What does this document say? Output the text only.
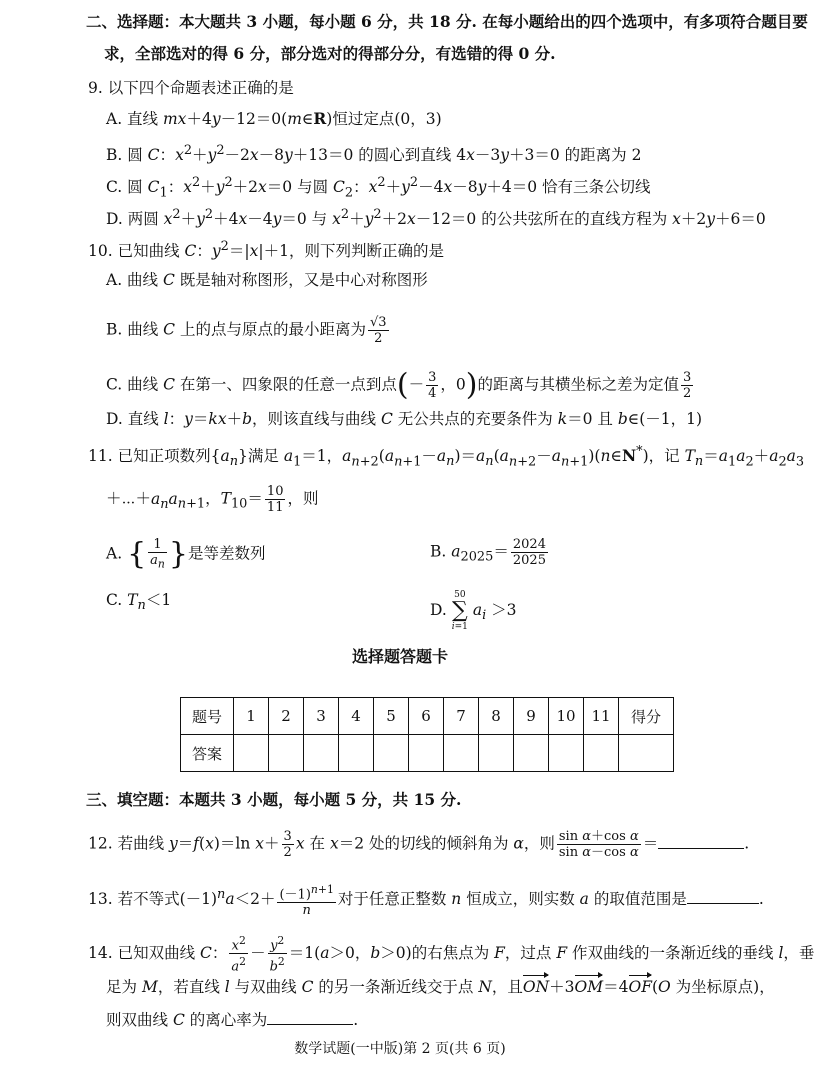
二、选择题：本大题共 3 小题，每小题 6 分，共 18 分. 在每小题给出的四个选项中，有多项符合题目要
求，全部选对的得 6 分，部分选对的得部分分，有选错的得 0 分.
9. 以下四个命题表述正确的是
A. 直线 mx＋4y－12＝0(m∈R)恒过定点(0，3)
B. 圆 C：$x^2+y^2-2x-8y+13=0$ 的圆心到直线 4x－3y＋3＝0 的距离为 2
C. 圆 $C_1$：$x^2+y^2+2x=0$ 与圆 $C_2$：$x^2+y^2-4x-8y+4=0$ 恰有三条公切线
D. 两圆 $x^2+y^2+4x-4y=0$ 与 $x^2+y^2+2x-12=0$ 的公共弦所在的直线方程为 x＋2y＋6＝0
10. 已知曲线 C：$y^2=|x|+1$，则下列判断正确的是
A. 曲线 C 既是轴对称图形，又是中心对称图形
B. 曲线 C 上的点与原点的最小距离为 $\frac{√3}{2}$
C. 曲线 C 在第一、四象限的任意一点到点(－ $\frac{3}{4}$ ，0)的距离与其横坐标之差为定值 $\frac{3}{2}$
D. 直线 l：y＝kx＋b，则该直线与曲线 C 无公共点的充要条件为 k＝0 且 b∈(－1，1)
11. 已知正项数列$\{a_n\}$满足 $a_1=1$，$a_{n+2}(a_{n+1}-a_n)=a_n(a_{n+2}-a_{n+1})(n\in N^*)$，记 $T_n=a_1a_2+a_2a_3$
$+\cdots+a_na_{n+1}$，$T_{10}= \frac{10}{11}$ ，则
A. { $\frac{1}{a_n}$ }是等差数列	B. $a_{2025}= \frac{2024}{2025}$
C. $T_n<1$
D. 50
∑
i=1 $a_i >3$
选择题答题卡
题号	1	2	3	4	5	6	7	8	9	10	11	得分
答案												
三、填空题：本题共 3 小题，每小题 5 分，共 15 分.
12. 若曲线 y＝f(x)＝ln $x+ \frac{3}{2}$ x 在 x＝2 处的切线的倾斜角为 α，则 $\frac{\text{sin α＋cos α}}{\text{sin α－cos α}}$ ＝	.
13. 若不等式$(-1)^na<2+ \frac{(-1)^{n+1}}{n}$ 对于任意正整数 n 恒成立，则实数 a 的取值范围是	.
14. 已知双曲线 C： $\frac{x^2}{a^2} - \frac{y^2}{b^2} =1(a>0$，b＞0)的右焦点为 F，过点 F 作双曲线的一条渐近线的垂线 l，垂
足为 M，若直线 l 与双曲线 C 的另一条渐近线交于点 N，且ON＋3OM＝4OF(O 为坐标原点)，
则双曲线 C 的离心率为	.
数学试题(一中版)第 2 页(共 6 页)
